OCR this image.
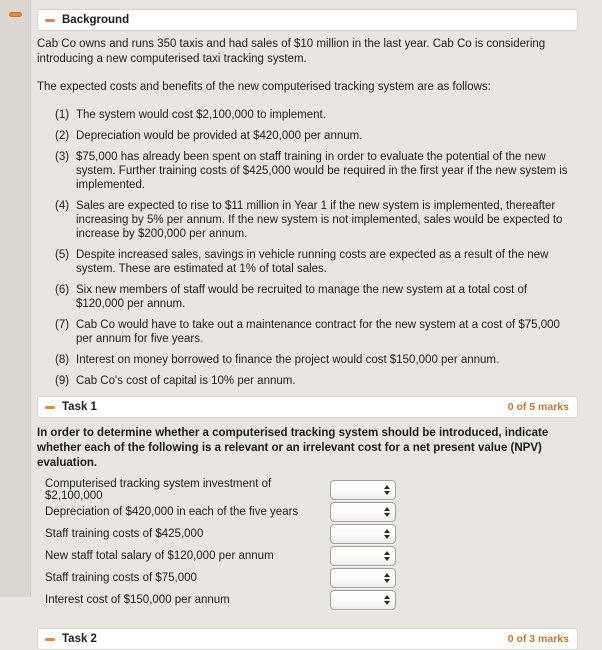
Background

Cab Co owns and runs 350 taxis and had sales of $10 million in the last year. Cab Co is considering introducing a new computerised taxi tracking system.

The expected costs and benefits of the new computerised tracking system are as follows:

(1) The system would cost $2,100,000 to implement.
(2) Depreciation would be provided at $420,000 per annum.
(3) $75,000 has already been spent on staff training in order to evaluate the potential of the new system. Further training costs of $425,000 would be required in the first year if the new system is implemented.
(4) Sales are expected to rise to $11 million in Year 1 if the new system is implemented, thereafter increasing by 5% per annum. If the new system is not implemented, sales would be expected to increase by $200,000 per annum.
(5) Despite increased sales, savings in vehicle running costs are expected as a result of the new system. These are estimated at 1% of total sales.
(6) Six new members of staff would be recruited to manage the new system at a total cost of $120,000 per annum.
(7) Cab Co would have to take out a maintenance contract for the new system at a cost of $75,000 per annum for five years.
(8) Interest on money borrowed to finance the project would cost $150,000 per annum.
(9) Cab Co's cost of capital is 10% per annum.
Task 1	0 of 5 marks

In order to determine whether a computerised tracking system should be introduced, indicate whether each of the following is a relevant or an irrelevant cost for a net present value (NPV) evaluation.

Computerised tracking system investment of $2,100,000
Depreciation of $420,000 in each of the five years
Staff training costs of $425,000
New staff total salary of $120,000 per annum
Staff training costs of $75,000
Interest cost of $150,000 per annum
Task 2	0 of 3 marks
